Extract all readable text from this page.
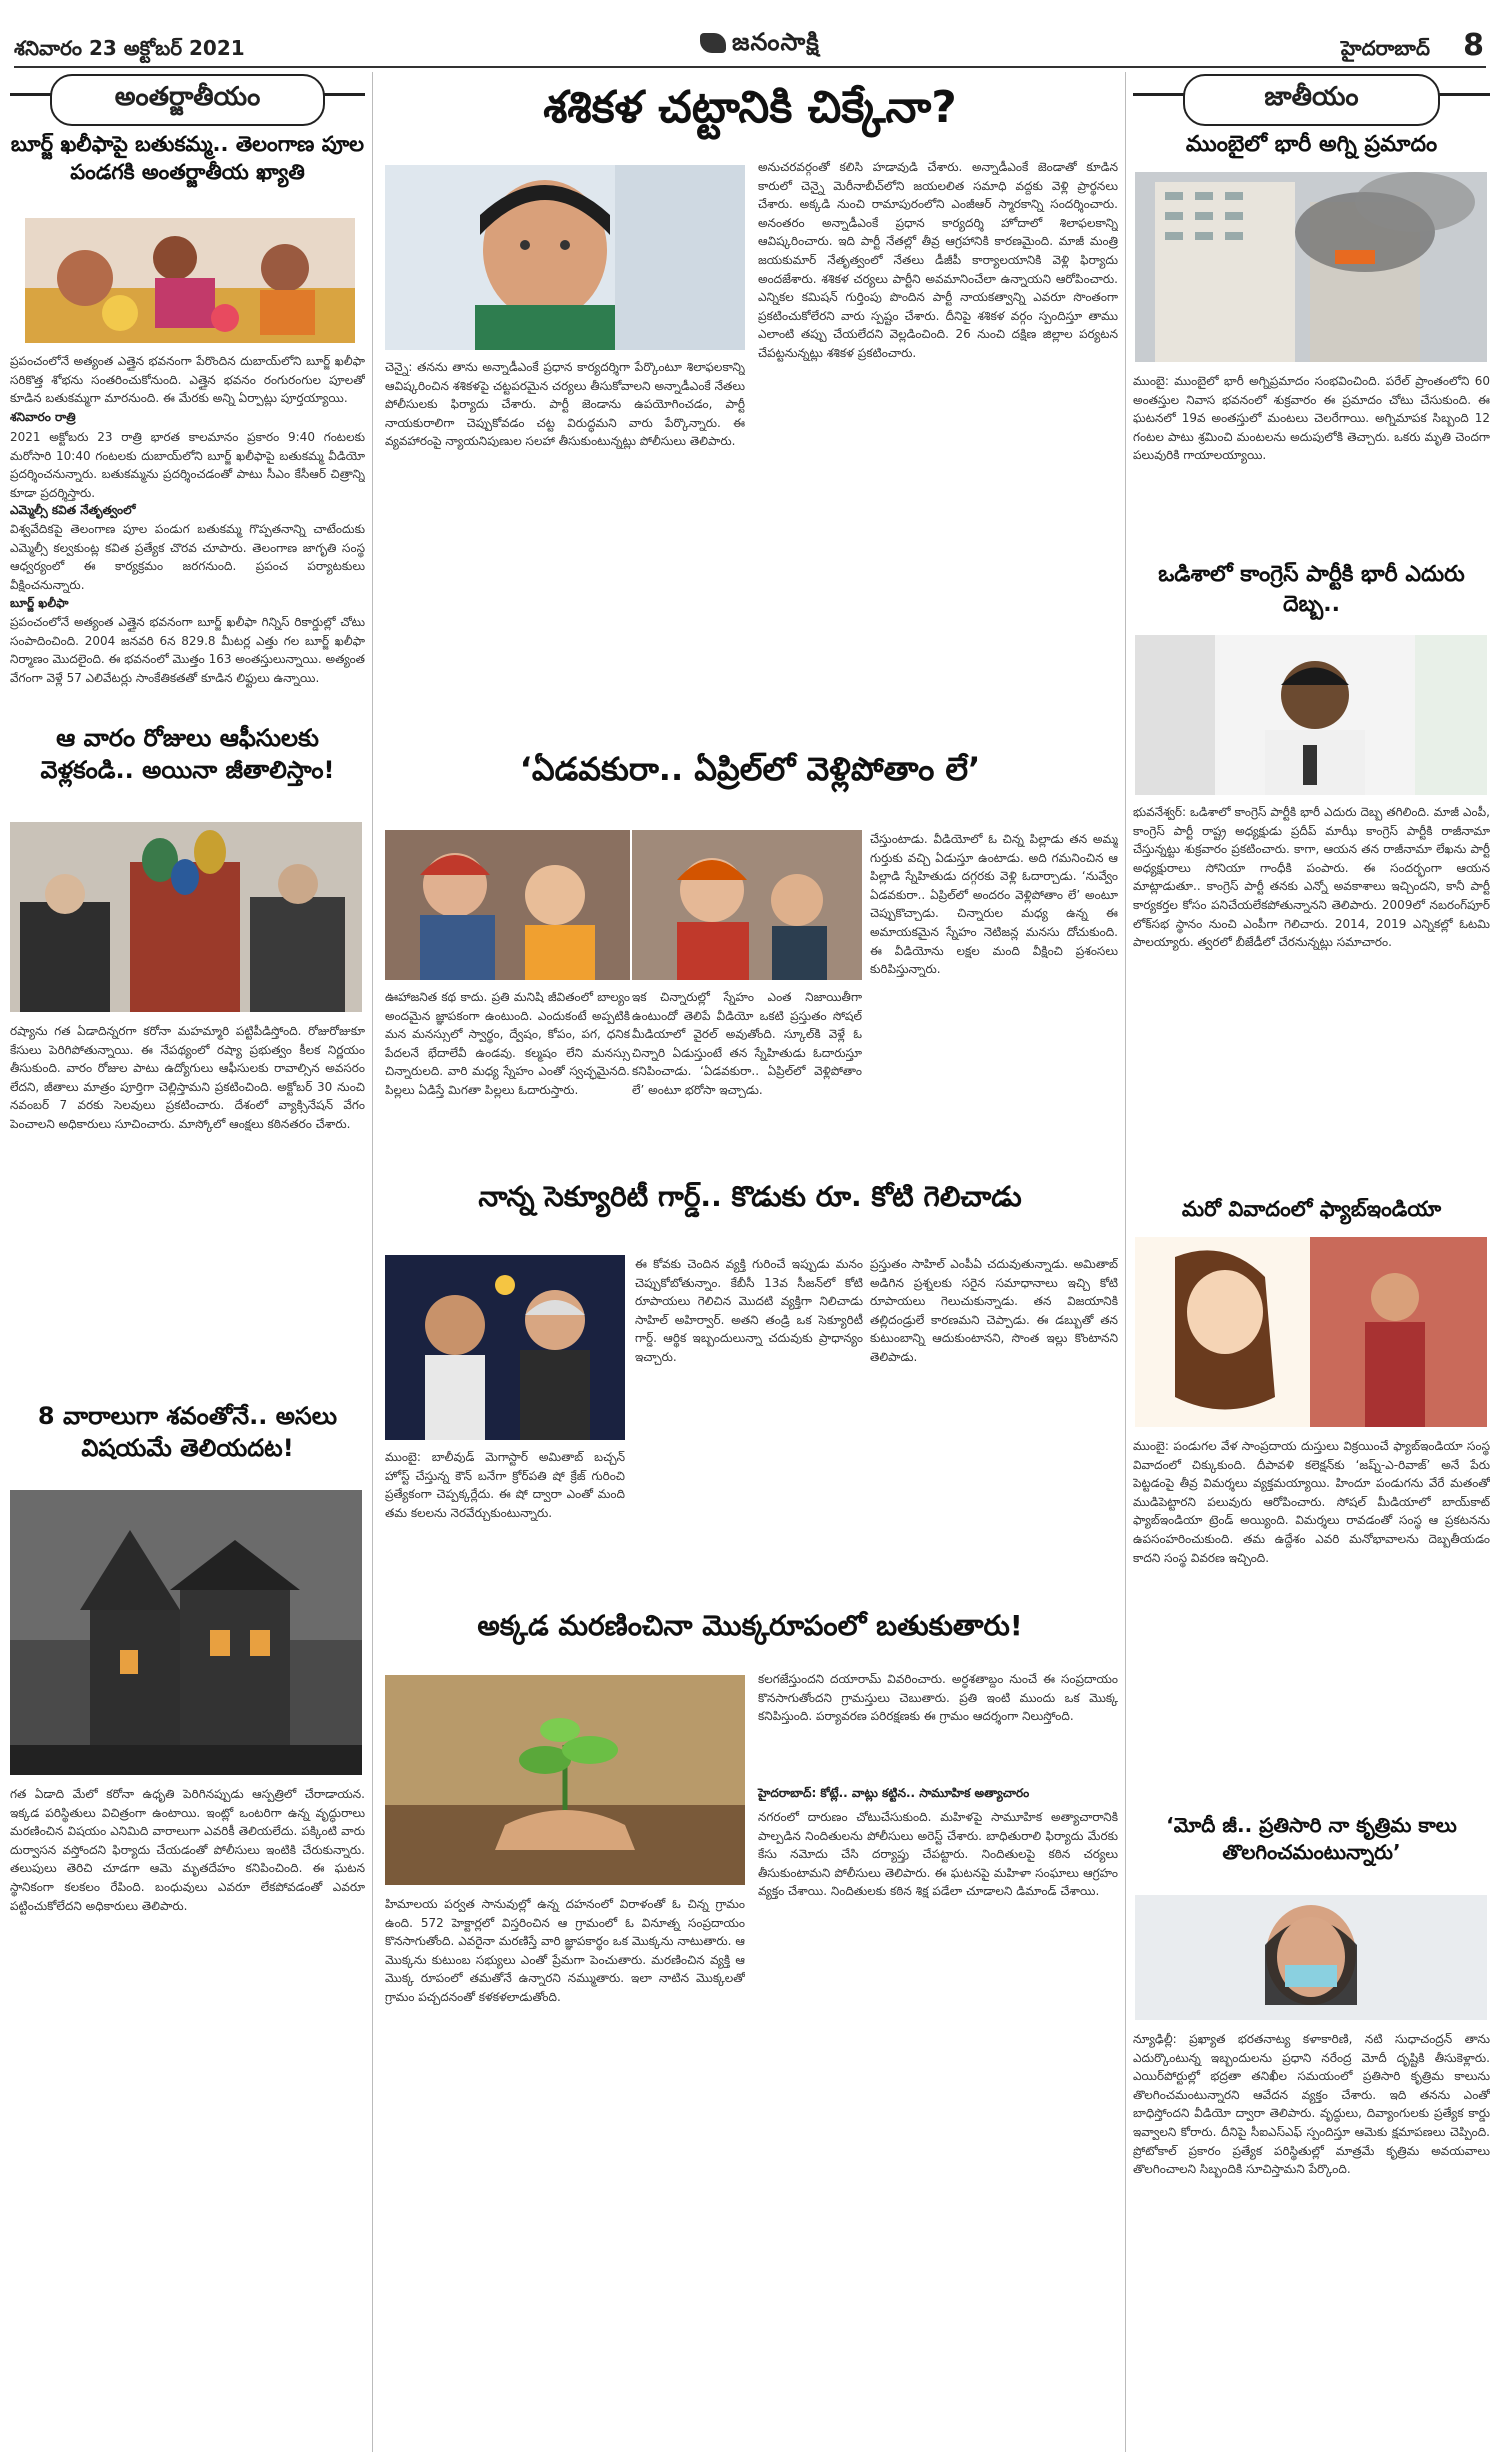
శనివారం 23 అక్టోబర్ 2021	జనంసాక్షి	హైదరాబాద్ 8
అంతర్జాతీయం
బూర్జ్ ఖలీఫాపై బతుకమ్మ.. తెలంగాణ పూల పండగకి అంతర్జాతీయ ఖ్యాతి
ప్రపంచంలోనే అత్యంత ఎత్తైన భవనంగా పేరొందిన దుబాయ్‌లోని బూర్జ్ ఖలీఫా సరికొత్త శోభను సంతరించుకోనుంది. ఎత్తైన భవనం రంగురంగుల పూలతో కూడిన బతుకమ్మగా మారనుంది. ఈ మేరకు అన్ని ఏర్పాట్లు పూర్తయ్యాయి.
శనివారం రాత్రి
2021 అక్టోబరు 23 రాత్రి భారత కాలమానం ప్రకారం 9:40 గంటలకు మరోసారి 10:40 గంటలకు దుబాయ్‌లోని బూర్జ్ ఖలీఫాపై బతుకమ్మ వీడియో ప్రదర్శించనున్నారు. బతుకమ్మను ప్రదర్శించడంతో పాటు సీఎం కేసీఆర్ చిత్రాన్ని కూడా ప్రదర్శిస్తారు.
ఎమ్మెల్సీ కవిత నేతృత్వంలో
విశ్వవేదికపై తెలంగాణ పూల పండుగ బతుకమ్మ గొప్పతనాన్ని చాటేందుకు ఎమ్మెల్సీ కల్వకుంట్ల కవిత ప్రత్యేక చొరవ చూపారు. తెలంగాణ జాగృతి సంస్థ ఆధ్వర్యంలో ఈ కార్యక్రమం జరగనుంది. ప్రపంచ పర్యాటకులు వీక్షించనున్నారు.
బూర్జ్ ఖలీఫా
ప్రపంచంలోనే అత్యంత ఎత్తైన భవనంగా బూర్జ్ ఖలీఫా గిన్నిస్ రికార్డుల్లో చోటు సంపాదించింది. 2004 జనవరి 6న 829.8 మీటర్ల ఎత్తు గల బూర్జ్ ఖలీఫా నిర్మాణం మొదలైంది. ఈ భవనంలో మొత్తం 163 అంతస్తులున్నాయి. అత్యంత వేగంగా వెళ్లే 57 ఎలివేటర్లు సాంకేతికతతో కూడిన లిఫ్టులు ఉన్నాయి.
ఆ వారం రోజులు ఆఫీసులకు వెళ్లకండి.. అయినా జీతాలిస్తాం!
రష్యాను గత ఏడాదిన్నరగా కరోనా మహమ్మారి పట్టిపీడిస్తోంది. రోజురోజుకూ కేసులు పెరిగిపోతున్నాయి. ఈ నేపథ్యంలో రష్యా ప్రభుత్వం కీలక నిర్ణయం తీసుకుంది. వారం రోజుల పాటు ఉద్యోగులు ఆఫీసులకు రావాల్సిన అవసరం లేదని, జీతాలు మాత్రం పూర్తిగా చెల్లిస్తామని ప్రకటించింది. అక్టోబర్ 30 నుంచి నవంబర్ 7 వరకు సెలవులు ప్రకటించారు. దేశంలో వ్యాక్సినేషన్ వేగం పెంచాలని అధికారులు సూచించారు. మాస్కోలో ఆంక్షలు కఠినతరం చేశారు.
8 వారాలుగా శవంతోనే.. అసలు విషయమే తెలియదట!
గత ఏడాది మేలో కరోనా ఉధృతి పెరిగినప్పుడు ఆస్పత్రిలో చేరాడాయన. ఇక్కడ పరిస్థితులు విచిత్రంగా ఉంటాయి. ఇంట్లో ఒంటరిగా ఉన్న వృద్ధురాలు మరణించిన విషయం ఎనిమిది వారాలుగా ఎవరికీ తెలియలేదు. పక్కింటి వారు దుర్వాసన వస్తోందని ఫిర్యాదు చేయడంతో పోలీసులు ఇంటికి చేరుకున్నారు. తలుపులు తెరిచి చూడగా ఆమె మృతదేహం కనిపించింది. ఈ ఘటన స్థానికంగా కలకలం రేపింది. బంధువులు ఎవరూ లేకపోవడంతో ఎవరూ పట్టించుకోలేదని అధికారులు తెలిపారు.
శశికళ చట్టానికి చిక్కేనా?
చెన్నై: తనను తాను అన్నాడీఎంకే ప్రధాన కార్యదర్శిగా పేర్కొంటూ శిలాఫలకాన్ని ఆవిష్కరించిన శశికళపై చట్టపరమైన చర్యలు తీసుకోవాలని అన్నాడీఎంకే నేతలు పోలీసులకు ఫిర్యాదు చేశారు. పార్టీ జెండాను ఉపయోగించడం, పార్టీ నాయకురాలిగా చెప్పుకోవడం చట్ట విరుద్ధమని వారు పేర్కొన్నారు. ఈ వ్యవహారంపై న్యాయనిపుణుల సలహా తీసుకుంటున్నట్లు పోలీసులు తెలిపారు.
అనుచరవర్గంతో కలిసి హడావుడి చేశారు. అన్నాడీఎంకే జెండాతో కూడిన కారులో చెన్నై మెరీనాబీచ్‌లోని జయలలిత సమాధి వద్దకు వెళ్లి ప్రార్థనలు చేశారు. అక్కడి నుంచి రామాపురంలోని ఎంజీఆర్ స్మారకాన్ని సందర్శించారు. అనంతరం అన్నాడీఎంకే ప్రధాన కార్యదర్శి హోదాలో శిలాఫలకాన్ని ఆవిష్కరించారు. ఇది పార్టీ నేతల్లో తీవ్ర ఆగ్రహానికి కారణమైంది. మాజీ మంత్రి జయకుమార్ నేతృత్వంలో నేతలు డీజీపీ కార్యాలయానికి వెళ్లి ఫిర్యాదు అందజేశారు. శశికళ చర్యలు పార్టీని అవమానించేలా ఉన్నాయని ఆరోపించారు. ఎన్నికల కమిషన్ గుర్తింపు పొందిన పార్టీ నాయకత్వాన్ని ఎవరూ సొంతంగా ప్రకటించుకోలేరని వారు స్పష్టం చేశారు. దీనిపై శశికళ వర్గం స్పందిస్తూ తాము ఎలాంటి తప్పు చేయలేదని వెల్లడించింది. 26 నుంచి దక్షిణ జిల్లాల పర్యటన చేపట్టనున్నట్లు శశికళ ప్రకటించారు.
‘ఏడవకురా.. ఏప్రిల్‌లో వెళ్లిపోతాం లే’
ఊహాజనిత కథ కాదు. ప్రతి మనిషి జీవితంలో బాల్యం అందమైన జ్ఞాపకంగా ఉంటుంది. ఎందుకంటే అప్పటికి మన మనస్సులో స్వార్థం, ద్వేషం, కోపం, పగ, ధనిక పేదలనే భేదాలేవీ ఉండవు. కల్మషం లేని మనస్సు చిన్నారులది. వారి మధ్య స్నేహం ఎంతో స్వచ్ఛమైనది. పిల్లలు ఏడిస్తే మిగతా పిల్లలు ఓదారుస్తారు.
ఇక చిన్నారుల్లో స్నేహం ఎంత నిజాయితీగా ఉంటుందో తెలిపే వీడియో ఒకటి ప్రస్తుతం సోషల్ మీడియాలో వైరల్ అవుతోంది. స్కూల్‌కి వెళ్లే ఓ చిన్నారి ఏడుస్తుంటే తన స్నేహితుడు ఓదారుస్తూ కనిపించాడు. ‘ఏడవకురా.. ఏప్రిల్‌లో వెళ్లిపోతాం లే’ అంటూ భరోసా ఇచ్చాడు.
చేస్తుంటాడు. వీడియోలో ఓ చిన్న పిల్లాడు తన అమ్మ గుర్తుకు వచ్చి ఏడుస్తూ ఉంటాడు. అది గమనించిన ఆ పిల్లాడి స్నేహితుడు దగ్గరకు వెళ్లి ఓదార్చాడు. ‘నువ్వేం ఏడవకురా.. ఏప్రిల్‌లో అందరం వెళ్లిపోతాం లే’ అంటూ చెప్పుకొచ్చాడు. చిన్నారుల మధ్య ఉన్న ఈ అమాయకమైన స్నేహం నెటిజన్ల మనసు దోచుకుంది. ఈ వీడియోను లక్షల మంది వీక్షించి ప్రశంసలు కురిపిస్తున్నారు.
నాన్న సెక్యూరిటీ గార్డ్.. కొడుకు రూ. కోటి గెలిచాడు
ముంబై: బాలీవుడ్ మెగాస్టార్ అమితాబ్ బచ్చన్ హోస్ట్ చేస్తున్న కౌన్ బనేగా క్రోర్‌పతి షో క్రేజ్ గురించి ప్రత్యేకంగా చెప్పక్కర్లేదు. ఈ షో ద్వారా ఎంతో మంది తమ కలలను నెరవేర్చుకుంటున్నారు.
ఈ కోవకు చెందిన వ్యక్తి గురించే ఇప్పుడు మనం చెప్పుకోబోతున్నాం. కేబీసీ 13వ సీజన్‌లో కోటి రూపాయలు గెలిచిన మొదటి వ్యక్తిగా నిలిచాడు సాహిల్ అహిర్వార్. అతని తండ్రి ఒక సెక్యూరిటీ గార్డ్. ఆర్థిక ఇబ్బందులున్నా చదువుకు ప్రాధాన్యం ఇచ్చారు.
ప్రస్తుతం సాహిల్ ఎంపీఏ చదువుతున్నాడు. అమితాబ్ అడిగిన ప్రశ్నలకు సరైన సమాధానాలు ఇచ్చి కోటి రూపాయలు గెలుచుకున్నాడు. తన విజయానికి తల్లిదండ్రులే కారణమని చెప్పాడు. ఈ డబ్బుతో తన కుటుంబాన్ని ఆదుకుంటానని, సొంత ఇల్లు కొంటానని తెలిపాడు.
అక్కడ మరణించినా మొక్కరూపంలో బతుకుతారు!
హిమాలయ పర్వత సానువుల్లో ఉన్న దహనంలో విరాళంతో ఓ చిన్న గ్రామం ఉంది. 572 హెక్టార్లలో విస్తరించిన ఆ గ్రామంలో ఓ వినూత్న సంప్రదాయం కొనసాగుతోంది. ఎవరైనా మరణిస్తే వారి జ్ఞాపకార్థం ఒక మొక్కను నాటుతారు. ఆ మొక్కను కుటుంబ సభ్యులు ఎంతో ప్రేమగా పెంచుతారు. మరణించిన వ్యక్తి ఆ మొక్క రూపంలో తమతోనే ఉన్నారని నమ్ముతారు. ఇలా నాటిన మొక్కలతో గ్రామం పచ్చదనంతో కళకళలాడుతోంది.
కలగజేస్తుందని దయారామ్ వివరించారు. అర్ధశతాబ్దం నుంచే ఈ సంప్రదాయం కొనసాగుతోందని గ్రామస్తులు చెబుతారు. ప్రతి ఇంటి ముందు ఒక మొక్క కనిపిస్తుంది. పర్యావరణ పరిరక్షణకు ఈ గ్రామం ఆదర్శంగా నిలుస్తోంది.
హైదరాబాద్: కోట్లే.. వాట్లు కట్టిన.. సామూహిక అత్యాచారం
నగరంలో దారుణం చోటుచేసుకుంది. మహిళపై సామూహిక అత్యాచారానికి పాల్పడిన నిందితులను పోలీసులు అరెస్ట్ చేశారు. బాధితురాలి ఫిర్యాదు మేరకు కేసు నమోదు చేసి దర్యాప్తు చేపట్టారు. నిందితులపై కఠిన చర్యలు తీసుకుంటామని పోలీసులు తెలిపారు. ఈ ఘటనపై మహిళా సంఘాలు ఆగ్రహం వ్యక్తం చేశాయి. నిందితులకు కఠిన శిక్ష పడేలా చూడాలని డిమాండ్ చేశాయి.
జాతీయం
ముంబైలో భారీ అగ్ని ప్రమాదం
ముంబై: ముంబైలో భారీ అగ్నిప్రమాదం సంభవించింది. పరేల్ ప్రాంతంలోని 60 అంతస్తుల నివాస భవనంలో శుక్రవారం ఈ ప్రమాదం చోటు చేసుకుంది. ఈ ఘటనలో 19వ అంతస్తులో మంటలు చెలరేగాయి. అగ్నిమాపక సిబ్బంది 12 గంటల పాటు శ్రమించి మంటలను అదుపులోకి తెచ్చారు. ఒకరు మృతి చెందగా పలువురికి గాయాలయ్యాయి.
ఒడిశాలో కాంగ్రెస్ పార్టీకి భారీ ఎదురు దెబ్బ..
భువనేశ్వర్: ఒడిశాలో కాంగ్రెస్ పార్టీకి భారీ ఎదురు దెబ్బ తగిలింది. మాజీ ఎంపీ, కాంగ్రెస్ పార్టీ రాష్ట్ర అధ్యక్షుడు ప్రదీప్ మాఝీ కాంగ్రెస్ పార్టీకి రాజీనామా చేస్తున్నట్టు శుక్రవారం ప్రకటించారు. కాగా, ఆయన తన రాజీనామా లేఖను పార్టీ అధ్యక్షురాలు సోనియా గాంధీకి పంపారు. ఈ సందర్భంగా ఆయన మాట్లాడుతూ.. కాంగ్రెస్ పార్టీ తనకు ఎన్నో అవకాశాలు ఇచ్చిందని, కానీ పార్టీ కార్యకర్తల కోసం పనిచేయలేకపోతున్నానని తెలిపారు. 2009లో నబరంగ్‌పూర్ లోక్‌సభ స్థానం నుంచి ఎంపీగా గెలిచారు. 2014, 2019 ఎన్నికల్లో ఓటమి పాలయ్యారు. త్వరలో బీజేడీలో చేరనున్నట్లు సమాచారం.
మరో వివాదంలో ఫ్యాబ్‌ఇండియా
ముంబై: పండుగల వేళ సాంప్రదాయ దుస్తులు విక్రయించే ఫ్యాబ్‌ఇండియా సంస్థ వివాదంలో చిక్కుకుంది. దీపావళి కలెక్షన్‌కు ‘జష్న్-ఎ-రివాజ్’ అనే పేరు పెట్టడంపై తీవ్ర విమర్శలు వ్యక్తమయ్యాయి. హిందూ పండుగను వేరే మతంతో ముడిపెట్టారని పలువురు ఆరోపించారు. సోషల్ మీడియాలో బాయ్‌కాట్ ఫ్యాబ్‌ఇండియా ట్రెండ్ అయ్యింది. విమర్శలు రావడంతో సంస్థ ఆ ప్రకటనను ఉపసంహరించుకుంది. తమ ఉద్దేశం ఎవరి మనోభావాలను దెబ్బతీయడం కాదని సంస్థ వివరణ ఇచ్చింది.
‘మోదీ జీ.. ప్రతిసారి నా కృత్రిమ కాలు తొలగించమంటున్నారు’
న్యూఢిల్లీ: ప్రఖ్యాత భరతనాట్య కళాకారిణి, నటి సుధాచంద్రన్ తాను ఎదుర్కొంటున్న ఇబ్బందులను ప్రధాని నరేంద్ర మోదీ దృష్టికి తీసుకెళ్లారు. ఎయిర్‌పోర్టుల్లో భద్రతా తనిఖీల సమయంలో ప్రతిసారి కృత్రిమ కాలును తొలగించమంటున్నారని ఆవేదన వ్యక్తం చేశారు. ఇది తనను ఎంతో బాధిస్తోందని వీడియో ద్వారా తెలిపారు. వృద్ధులు, దివ్యాంగులకు ప్రత్యేక కార్డు ఇవ్వాలని కోరారు. దీనిపై సీఐఎస్ఎఫ్ స్పందిస్తూ ఆమెకు క్షమాపణలు చెప్పింది. ప్రోటోకాల్ ప్రకారం ప్రత్యేక పరిస్థితుల్లో మాత్రమే కృత్రిమ అవయవాలు తొలగించాలని సిబ్బందికి సూచిస్తామని పేర్కొంది.
